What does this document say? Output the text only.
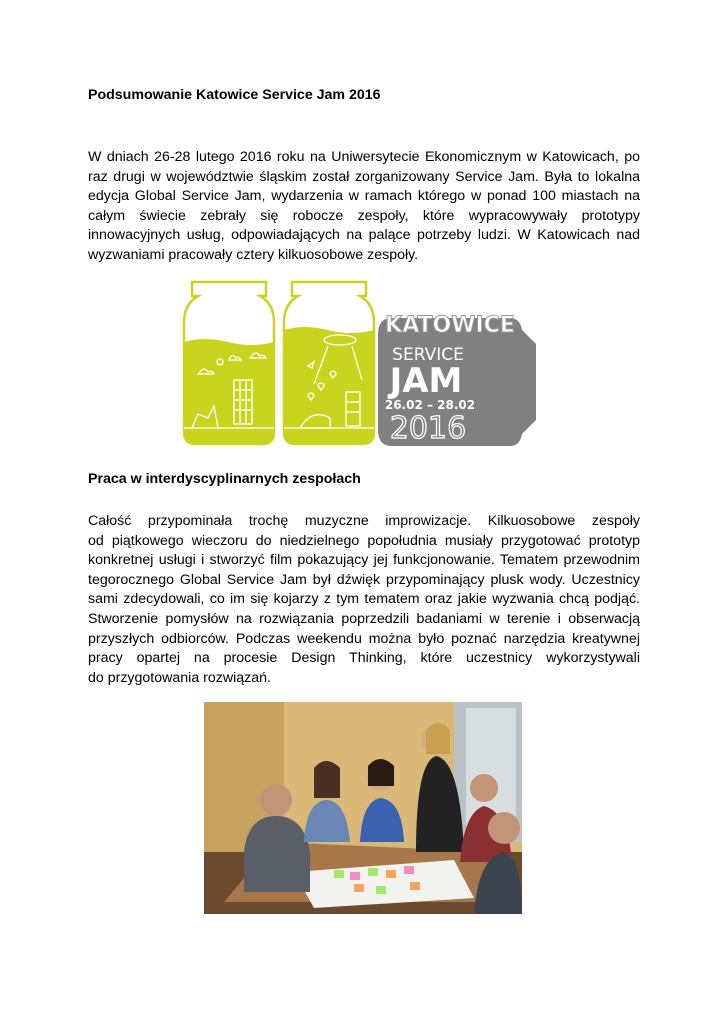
Podsumowanie Katowice Service Jam 2016

W dniach 26-28 lutego 2016 roku na Uniwersytecie Ekonomicznym w Katowicach, po
raz drugi w województwie śląskim został zorganizowany Service Jam. Była to lokalna
edycja Global Service Jam, wydarzenia w ramach którego w ponad 100 miastach na
całym świecie zebrały się robocze zespoły, które wypracowywały prototypy
innowacyjnych usług, odpowiadających na palące potrzeby ludzi. W Katowicach nad
wyzwaniami pracowały cztery kilkuosobowe zespoły.
KATOWICE
SERVICE
JAM
26.02 – 28.02
2016

Praca w interdyscyplinarnych zespołach

Całość przypominała trochę muzyczne improwizacje. Kilkuosobowe zespoły
od piątkowego wieczoru do niedzielnego popołudnia musiały przygotować prototyp
konkretnej usługi i stworzyć film pokazujący jej funkcjonowanie. Tematem przewodnim
tegorocznego Global Service Jam był dźwięk przypominający plusk wody. Uczestnicy
sami zdecydowali, co im się kojarzy z tym tematem oraz jakie wyzwania chcą podjąć.
Stworzenie pomysłów na rozwiązania poprzedzili badaniami w terenie i obserwacją
przyszłych odbiorców. Podczas weekendu można było poznać narzędzia kreatywnej
pracy opartej na procesie Design Thinking, które uczestnicy wykorzystywali
do przygotowania rozwiązań.
